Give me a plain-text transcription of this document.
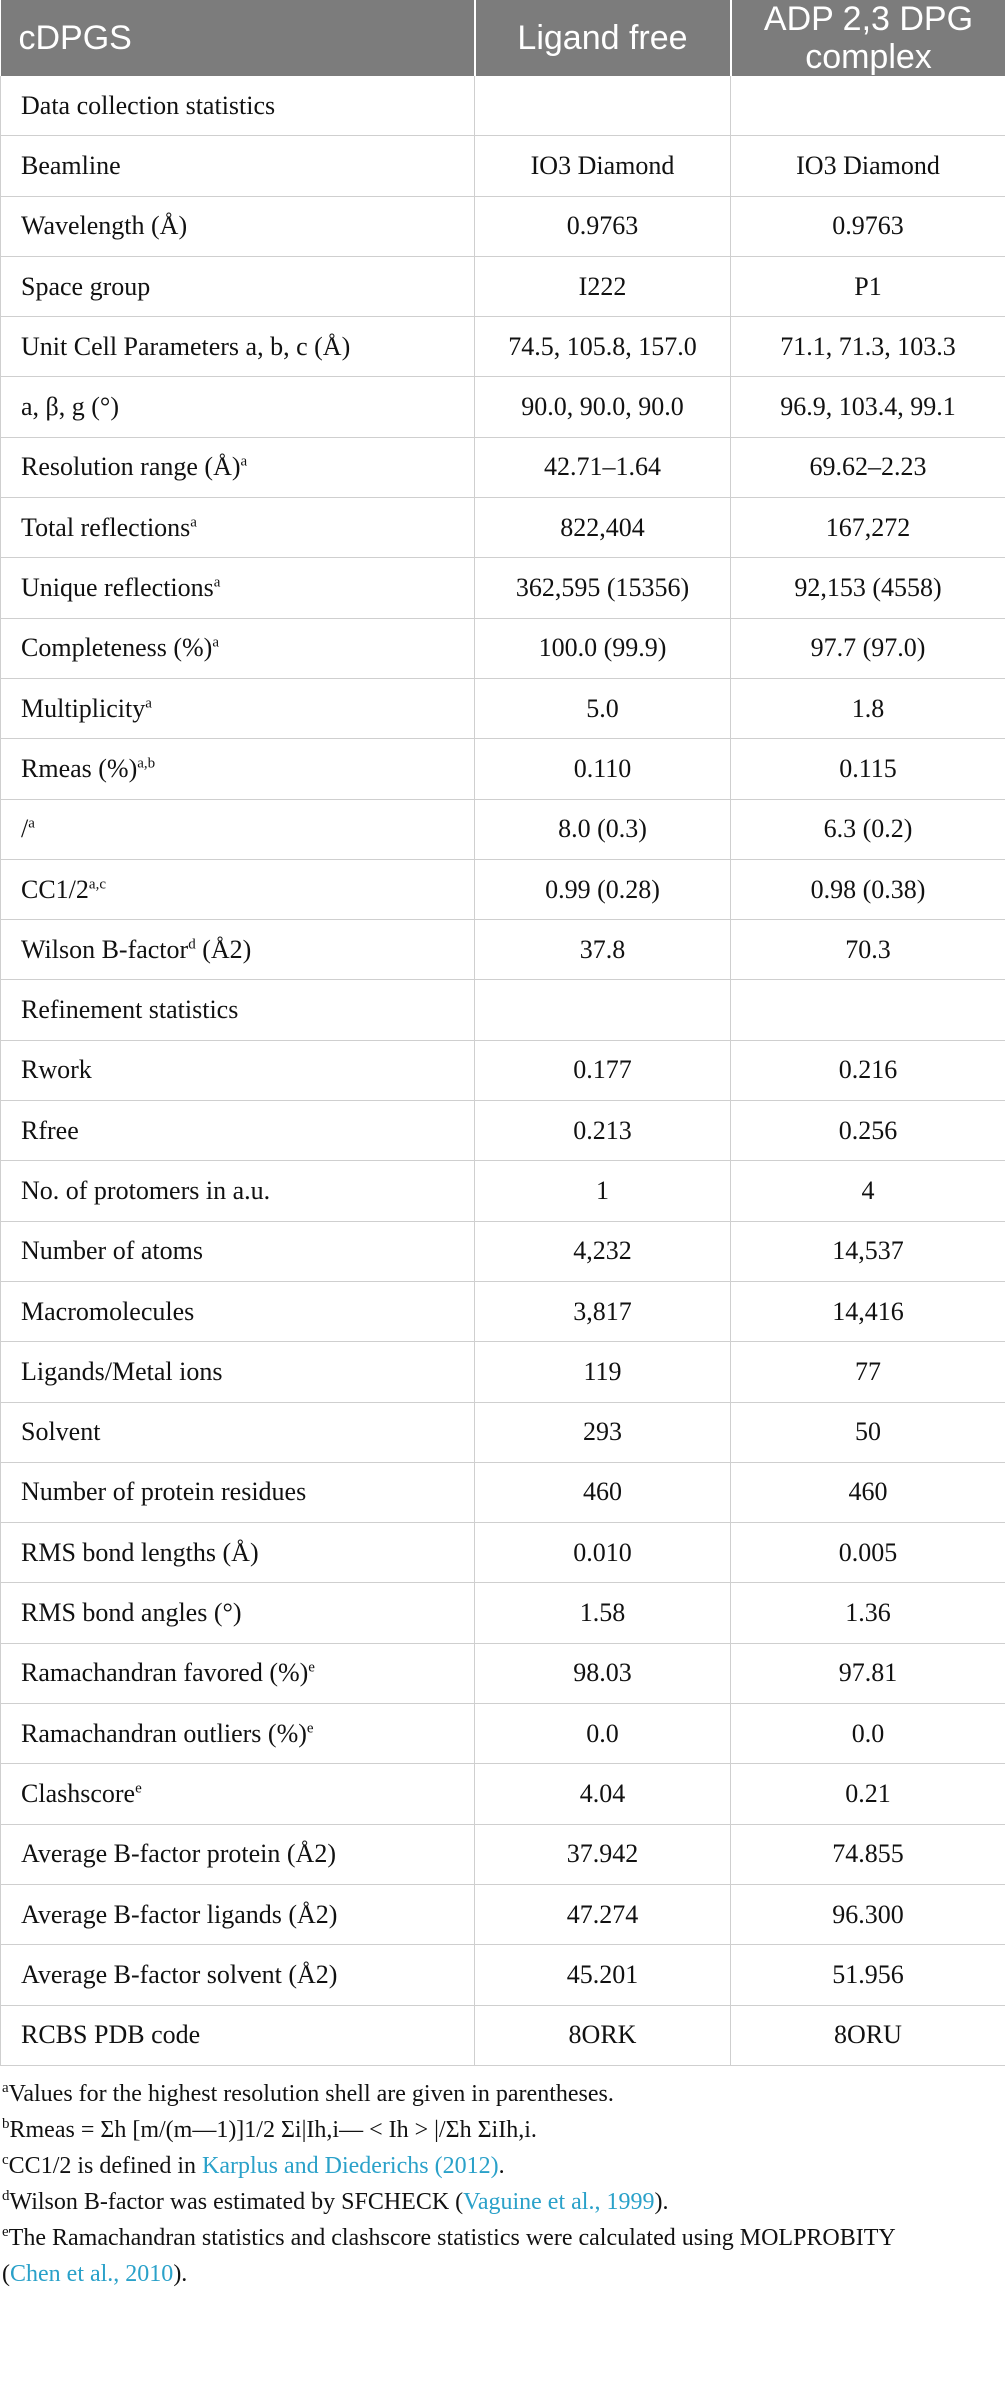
cDPGS	Ligand free	ADP 2,3 DPG complex
Data collection statistics		
Beamline	IO3 Diamond	IO3 Diamond
Wavelength (Å)	0.9763	0.9763
Space group	I222	P1
Unit Cell Parameters a, b, c (Å)	74.5, 105.8, 157.0	71.1, 71.3, 103.3
a, β, g (°)	90.0, 90.0, 90.0	96.9, 103.4, 99.1
Resolution range (Å)$^a$	42.71–1.64	69.62–2.23
Total reflections$^a$	822,404	167,272
Unique reflections$^a$	362,595 (15356)	92,153 (4558)
Completeness (%)$^a$	100.0 (99.9)	97.7 (97.0)
Multiplicity$^a$	5.0	1.8
Rmeas (%)$^{a,b}$	0.110	0.115
/$^a$	8.0 (0.3)	6.3 (0.2)
CC1/2$^{a,c}$	0.99 (0.28)	0.98 (0.38)
Wilson B-factor$^d$ (Å2)	37.8	70.3
Refinement statistics		
Rwork	0.177	0.216
Rfree	0.213	0.256
No. of protomers in a.u.	1	4
Number of atoms	4,232	14,537
Macromolecules	3,817	14,416
Ligands/Metal ions	119	77
Solvent	293	50
Number of protein residues	460	460
RMS bond lengths (Å)	0.010	0.005
RMS bond angles (°)	1.58	1.36
Ramachandran favored (%)$^e$	98.03	97.81
Ramachandran outliers (%)$^e$	0.0	0.0
Clashscore$^e$	4.04	0.21
Average B-factor protein (Å2)	37.942	74.855
Average B-factor ligands (Å2)	47.274	96.300
Average B-factor solvent (Å2)	45.201	51.956
RCBS PDB code	8ORK	8ORU
$^a$Values for the highest resolution shell are given in parentheses.
$^b$Rmeas = Σh [m/(m—1)]1/2 Σi|Ih,i— < Ih > |/Σh ΣiIh,i.
$^c$CC1/2 is defined in Karplus and Diederichs (2012).
$^d$Wilson B-factor was estimated by SFCHECK (Vaguine et al., 1999).
$^e$The Ramachandran statistics and clashscore statistics were calculated using MOLPROBITY
(Chen et al., 2010).
